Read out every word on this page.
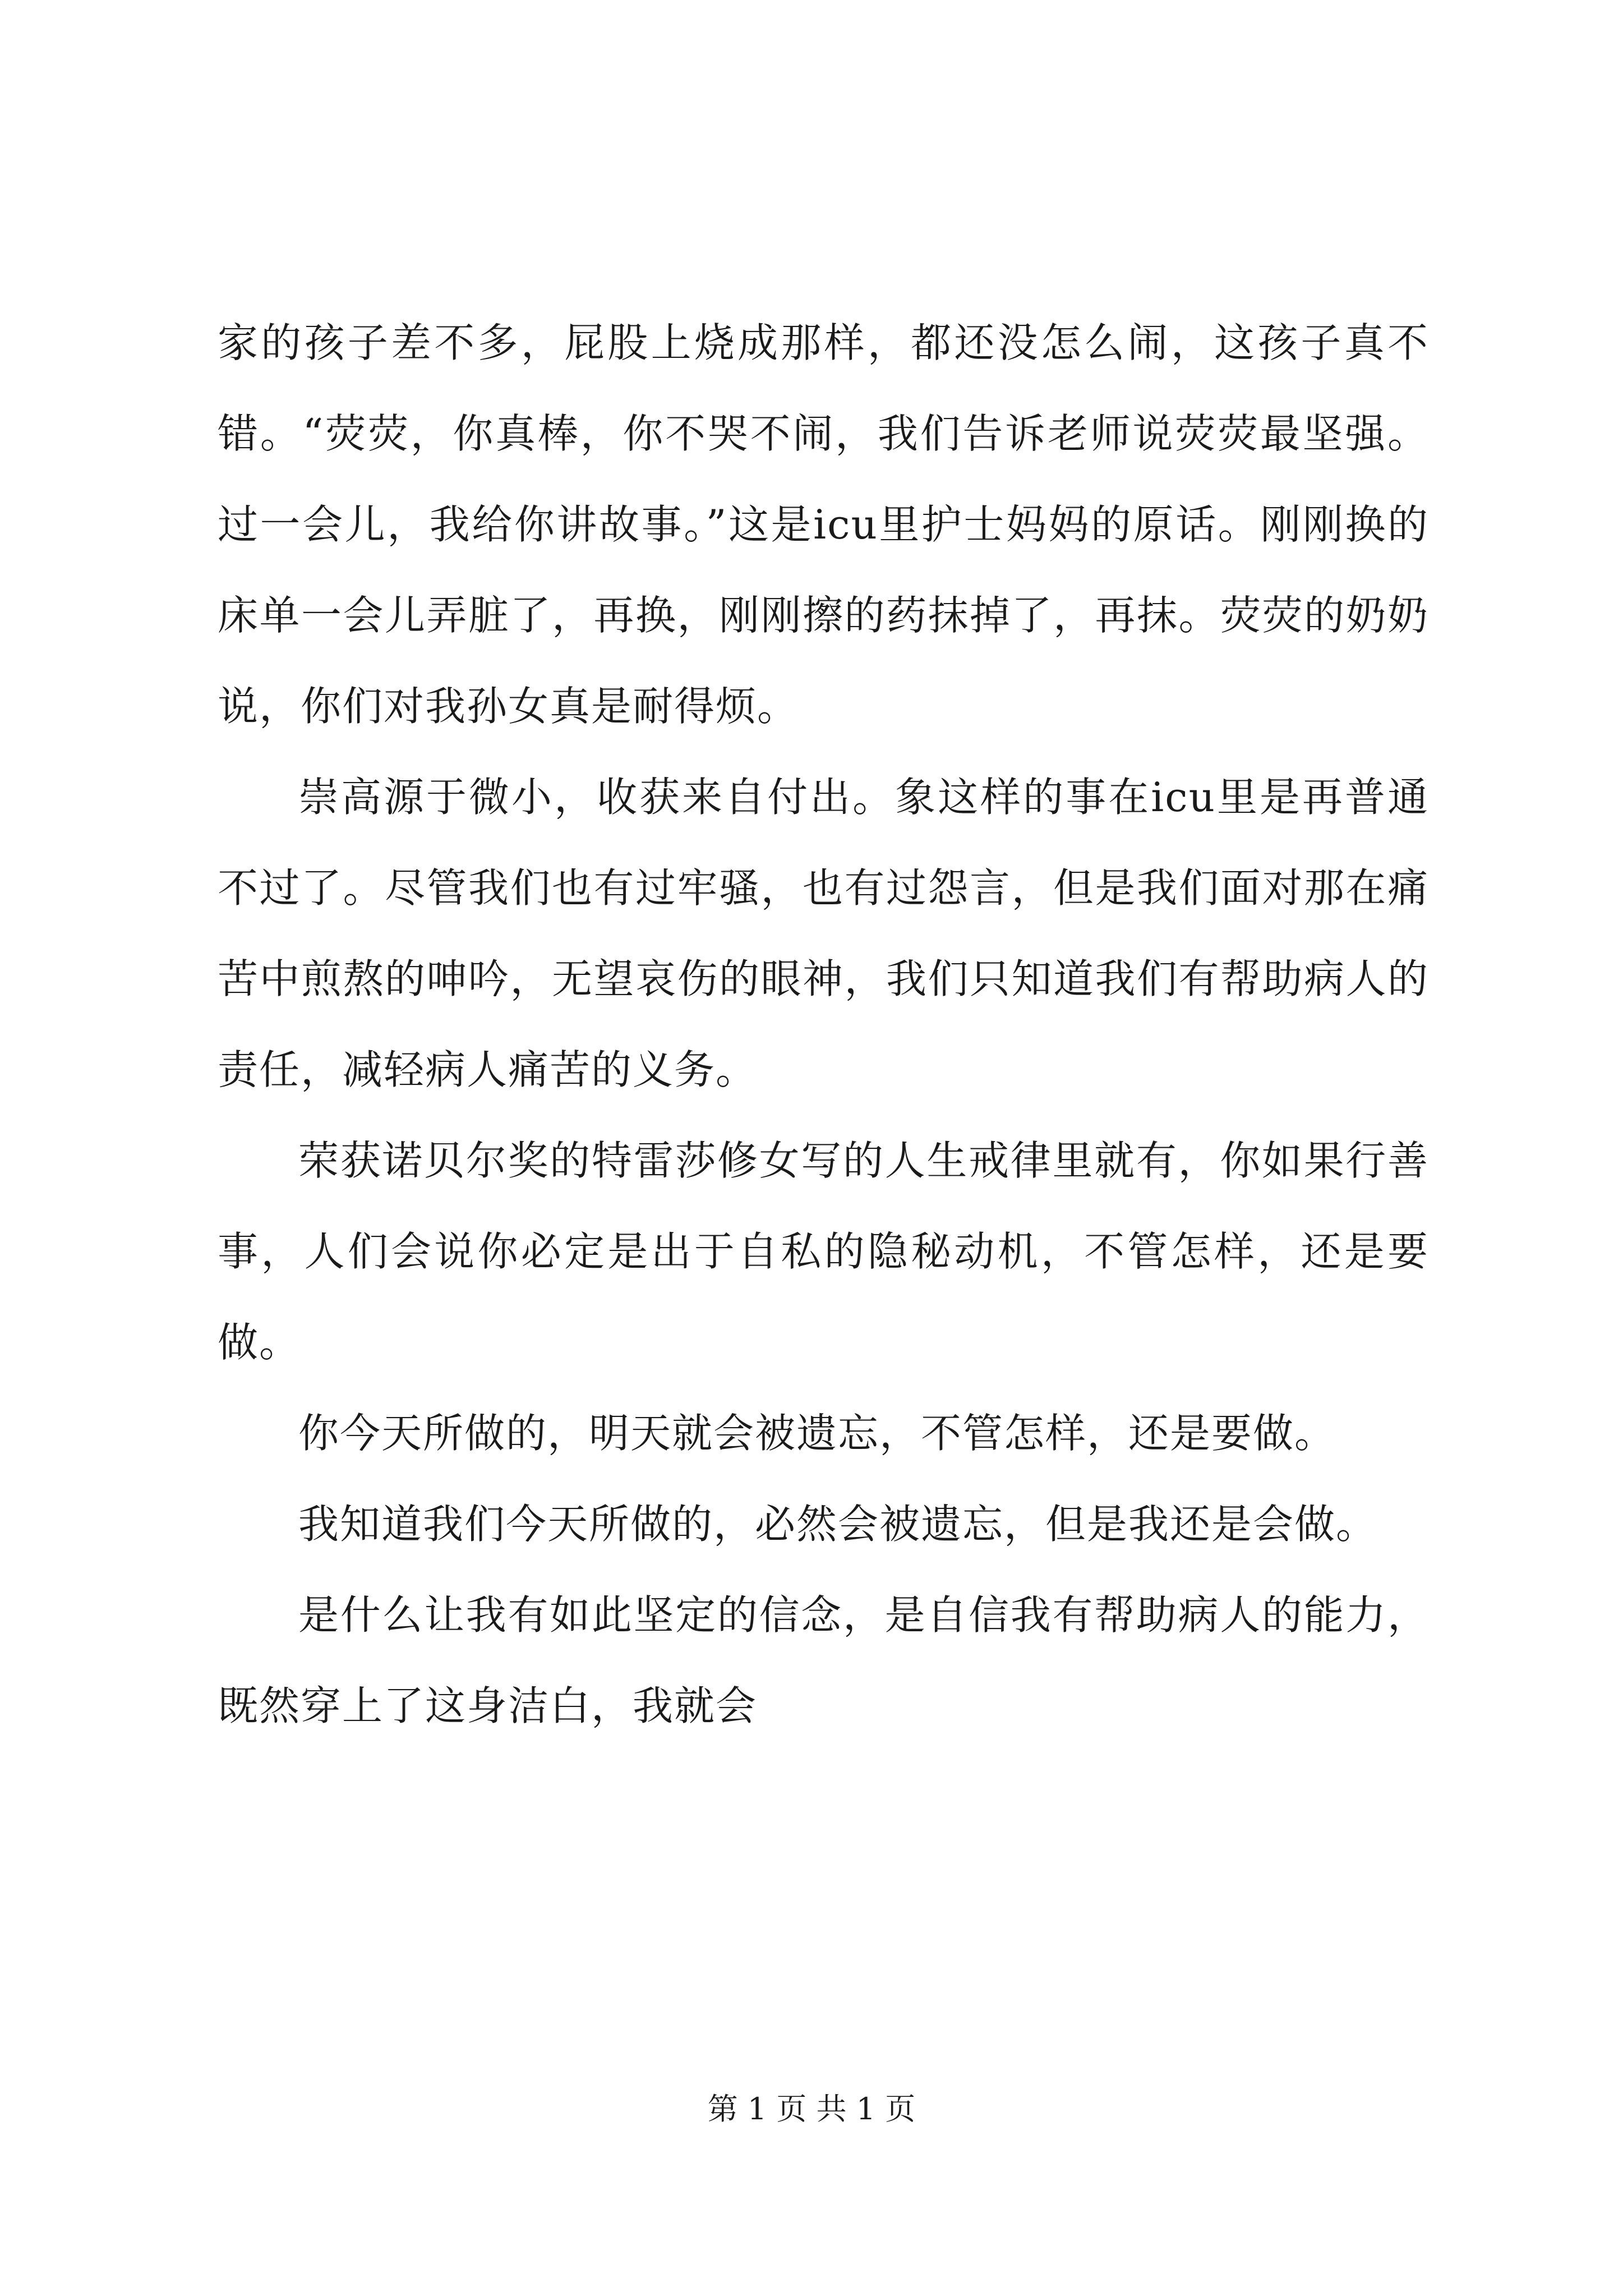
家的孩子差不多，屁股上烧成那样，都还没怎么闹，这孩子真不错。“荧荧，你真棒，你不哭不闹，我们告诉老师说荧荧最坚强。过一会儿，我给你讲故事。”这是icu里护士妈妈的原话。刚刚换的床单一会儿弄脏了，再换，刚刚擦的药抹掉了，再抹。荧荧的奶奶说，你们对我孙女真是耐得烦。

崇高源于微小，收获来自付出。象这样的事在icu里是再普通不过了。尽管我们也有过牢骚，也有过怨言，但是我们面对那在痛苦中煎熬的呻吟，无望哀伤的眼神，我们只知道我们有帮助病人的责任，减轻病人痛苦的义务。

荣获诺贝尔奖的特雷莎修女写的人生戒律里就有，你如果行善事，人们会说你必定是出于自私的隐秘动机，不管怎样，还是要做。

你今天所做的，明天就会被遗忘，不管怎样，还是要做。

我知道我们今天所做的，必然会被遗忘，但是我还是会做。

是什么让我有如此坚定的信念，是自信我有帮助病人的能力，既然穿上了这身洁白，我就会

第 1 页 共 1 页
